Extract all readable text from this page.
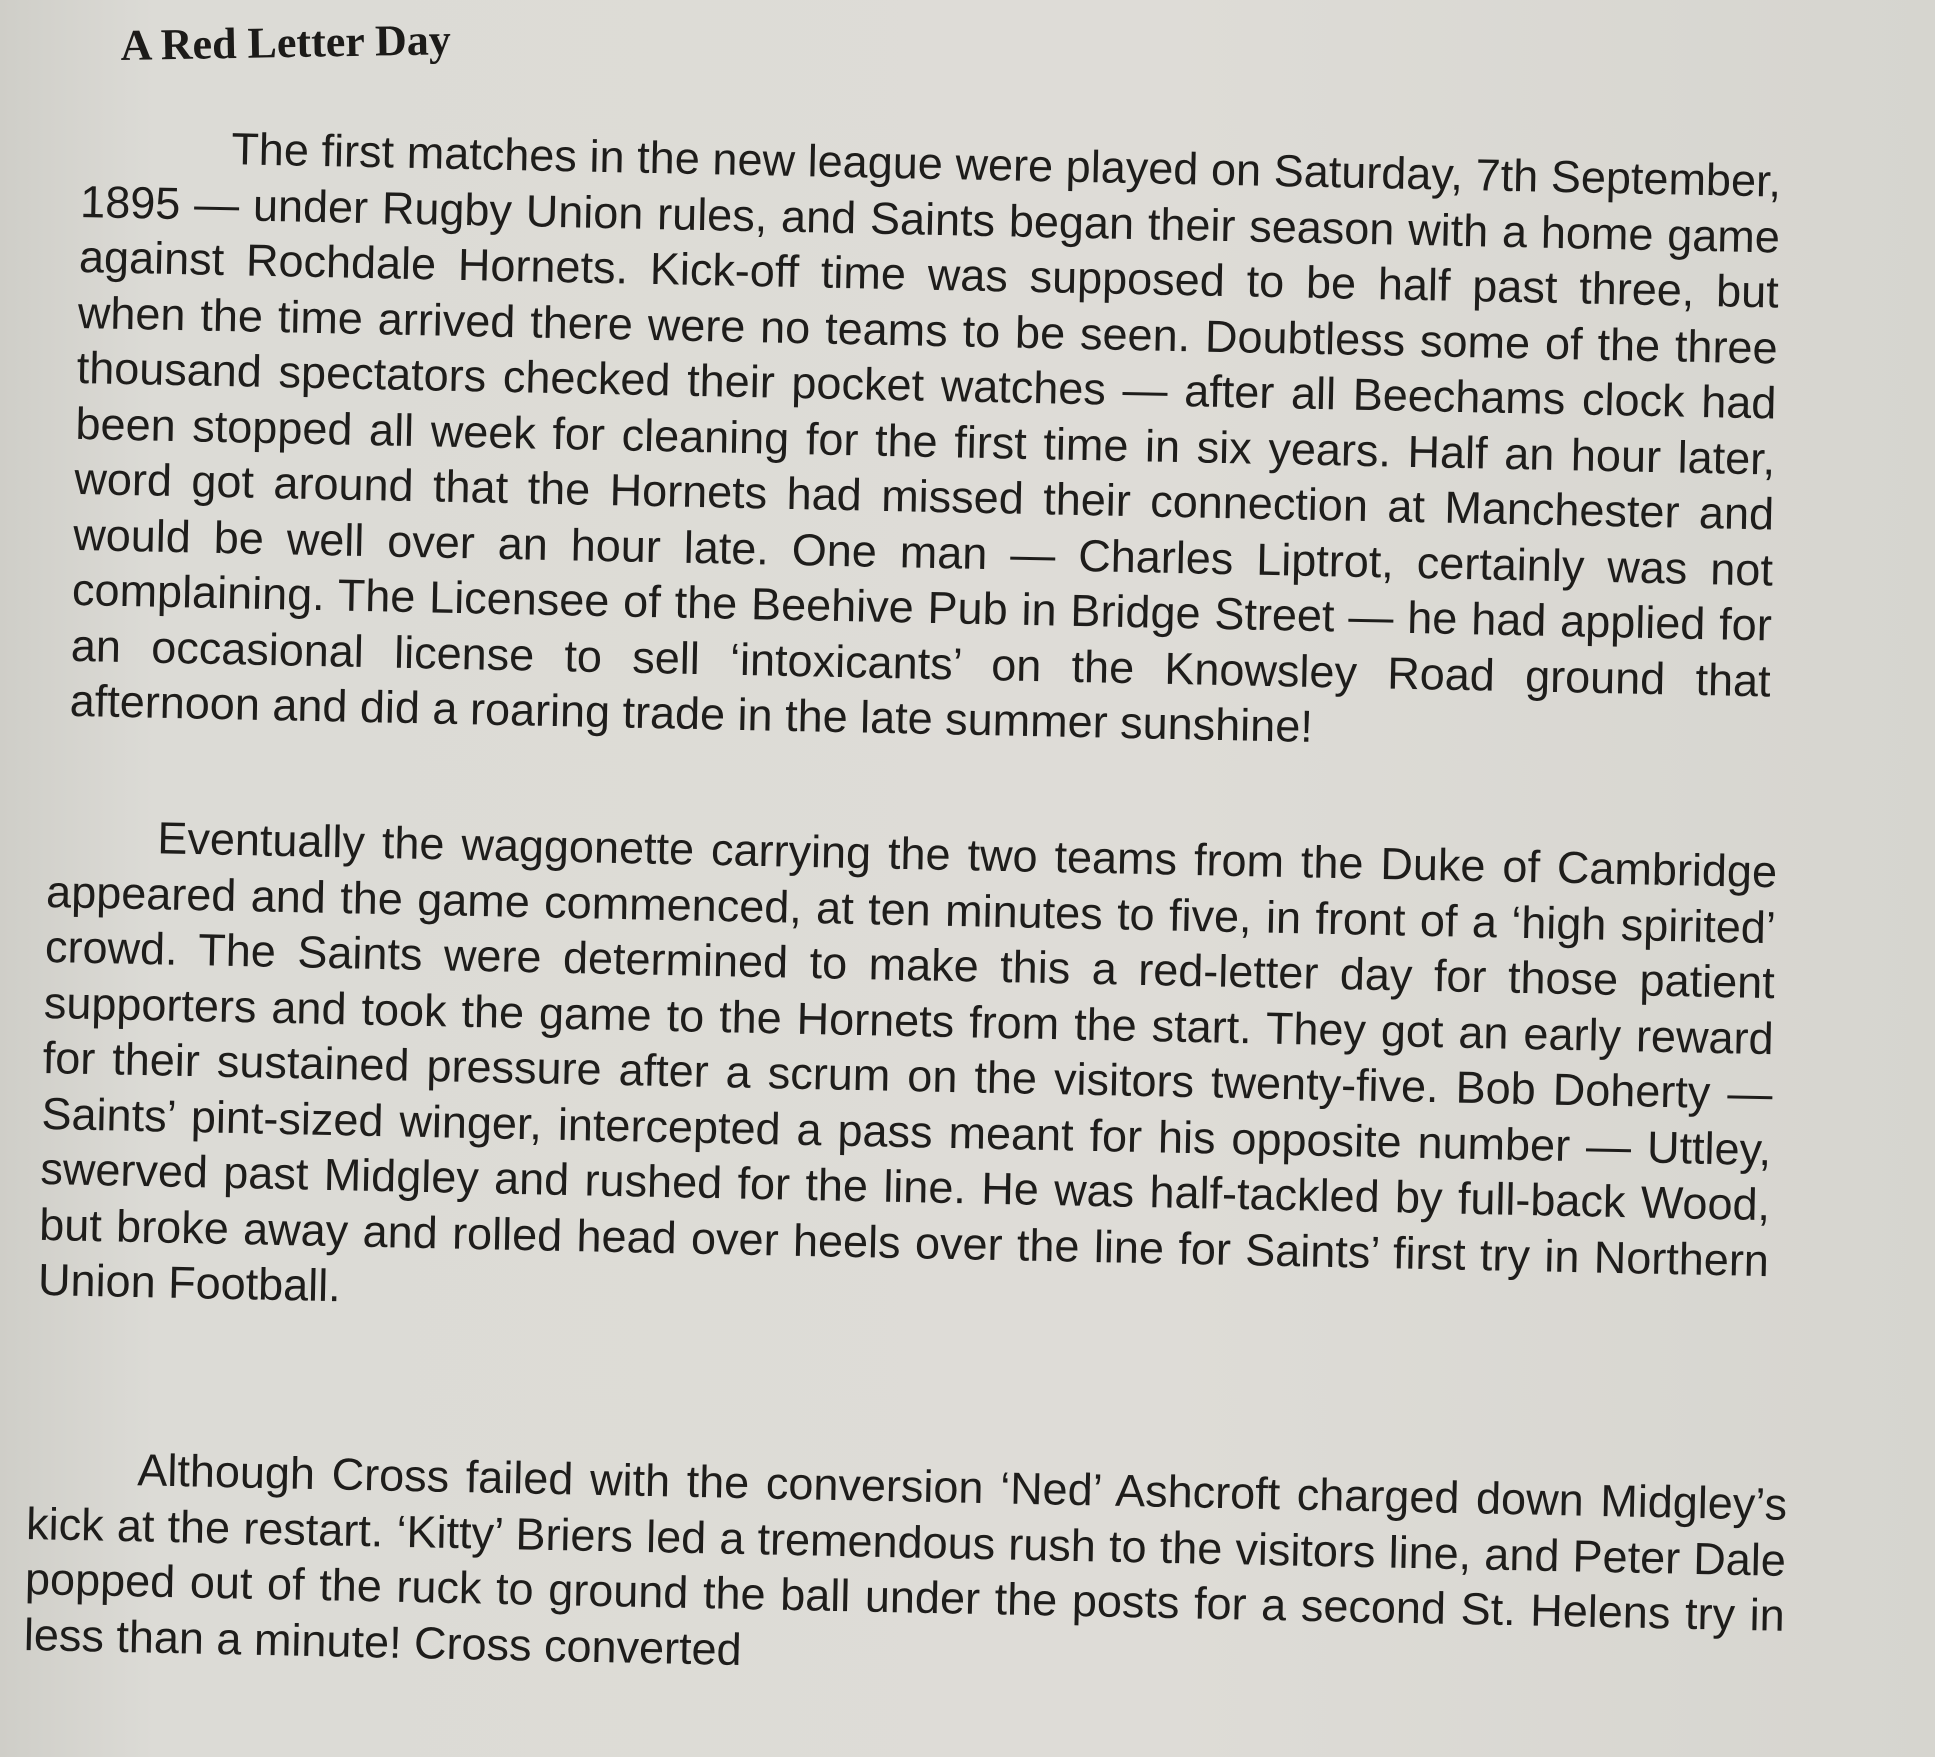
A Red Letter Day

The first matches in the new league were played on Saturday, 7th September, 1895 — under Rugby Union rules, and Saints began their season with a home game against Rochdale Hornets. Kick-off time was supposed to be half past three, but when the time arrived there were no teams to be seen. Doubtless some of the three thousand spectators checked their pocket watches — after all Beechams clock had been stopped all week for cleaning for the first time in six years. Half an hour later, word got around that the Hornets had missed their connection at Manchester and would be well over an hour late. One man — Charles Liptrot, certainly was not complaining. The Licensee of the Beehive Pub in Bridge Street — he had applied for an occasional license to sell ‘intoxicants’ on the Knowsley Road ground that afternoon and did a roaring trade in the late summer sunshine!

Eventually the waggonette carrying the two teams from the Duke of Cambridge appeared and the game commenced, at ten minutes to five, in front of a ‘high spirited’ crowd. The Saints were determined to make this a red-letter day for those patient supporters and took the game to the Hornets from the start. They got an early reward for their sustained pressure after a scrum on the visitors twenty-five. Bob Doherty — Saints’ pint-sized winger, intercepted a pass meant for his opposite number — Uttley, swerved past Midgley and rushed for the line. He was half-tackled by full-back Wood, but broke away and rolled head over heels over the line for Saints’ first try in Northern Union Football.

Although Cross failed with the conversion ‘Ned’ Ashcroft charged down Midgley’s kick at the restart. ‘Kitty’ Briers led a tremendous rush to the visitors line, and Peter Dale popped out of the ruck to ground the ball under the posts for a second St. Helens try in less than a minute! Cross converted
